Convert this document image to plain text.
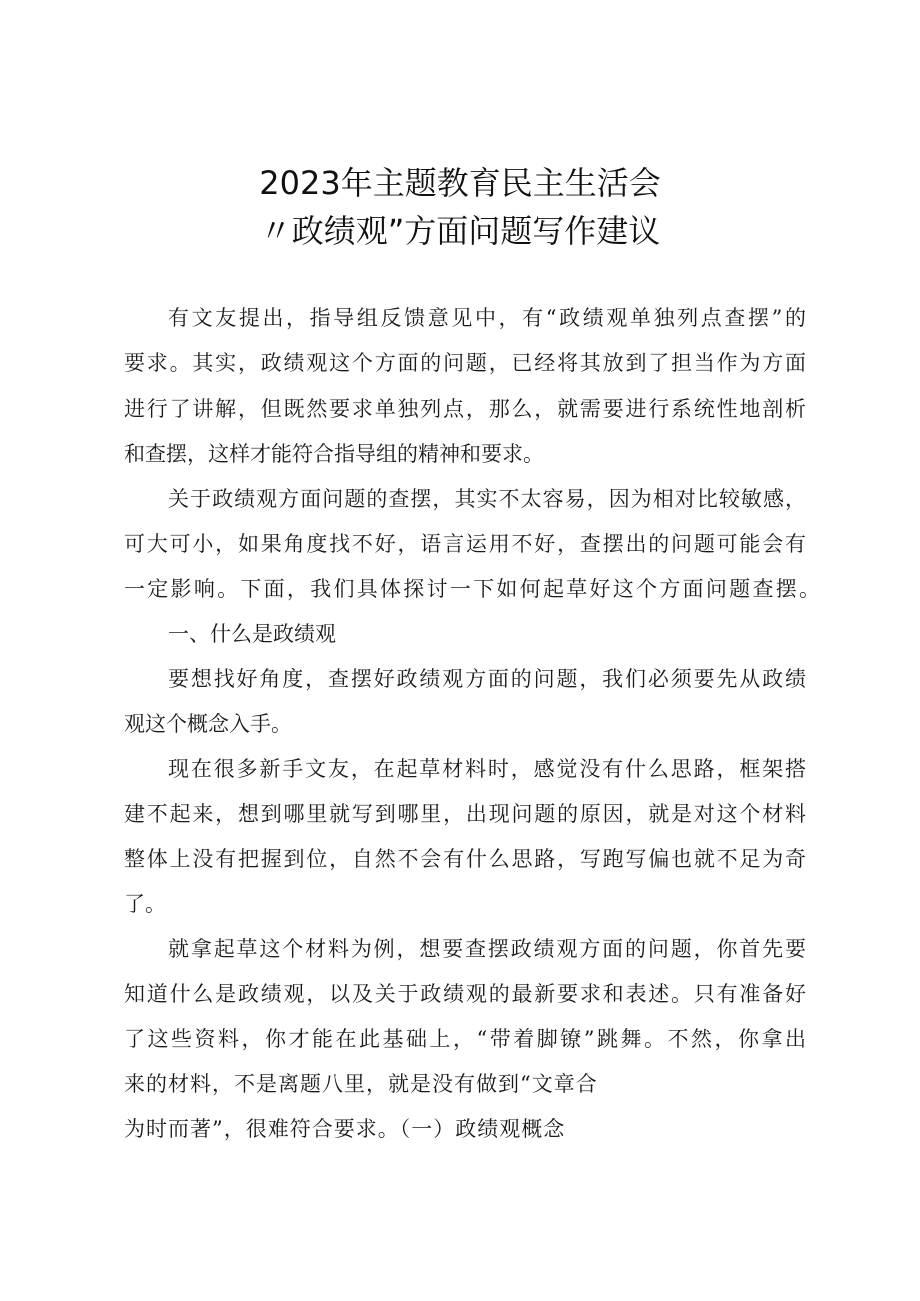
2023年主题教育民主生活会
〃政绩观”方面问题写作建议
有文友提出，指导组反馈意见中，有“政绩观单独列点查摆”的
要求。其实，政绩观这个方面的问题，已经将其放到了担当作为方面
进行了讲解，但既然要求单独列点，那么，就需要进行系统性地剖析
和查摆，这样才能符合指导组的精神和要求。
关于政绩观方面问题的查摆，其实不太容易，因为相对比较敏感，
可大可小，如果角度找不好，语言运用不好，查摆出的问题可能会有
一定影响。下面，我们具体探讨一下如何起草好这个方面问题查摆。
一、什么是政绩观
要想找好角度，查摆好政绩观方面的问题，我们必须要先从政绩
观这个概念入手。
现在很多新手文友，在起草材料时，感觉没有什么思路，框架搭
建不起来，想到哪里就写到哪里，出现问题的原因，就是对这个材料
整体上没有把握到位，自然不会有什么思路，写跑写偏也就不足为奇
了。
就拿起草这个材料为例，想要查摆政绩观方面的问题，你首先要
知道什么是政绩观，以及关于政绩观的最新要求和表述。只有准备好
了这些资料，你才能在此基础上，“带着脚镣”跳舞。不然，你拿出
来的材料，不是离题八里，就是没有做到“文章合
为时而著”，很难符合要求。（一）政绩观概念
